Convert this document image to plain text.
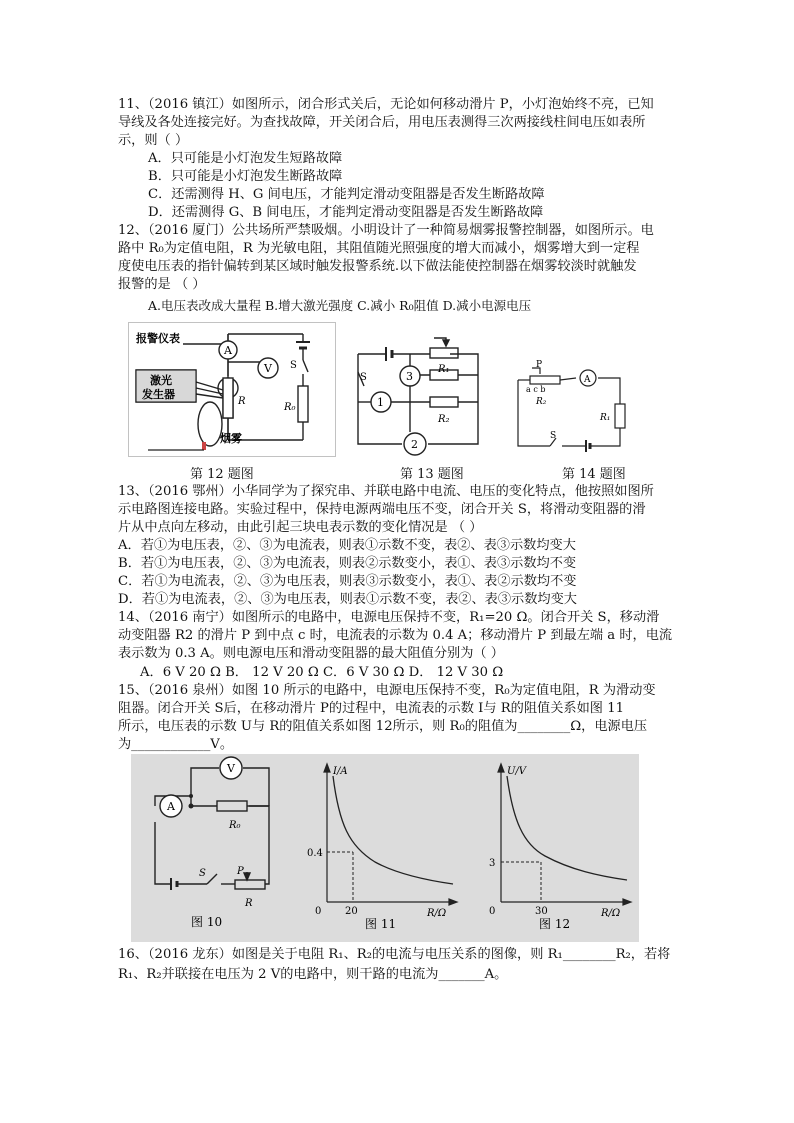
11、（2016 镇江）如图所示，闭合形式关后，无论如何移动滑片 P，小灯泡始终不亮，已知
导线及各处连接完好。为查找故障，开关闭合后，用电压表测得三次两接线柱间电压如表所
示，则（ ）
A．只可能是小灯泡发生短路故障
B．只可能是小灯泡发生断路故障
C．还需测得 H、G 间电压，才能判定滑动变阻器是否发生断路故障
D．还需测得 G、B 间电压，才能判定滑动变阻器是否发生断路故障
12、（2016 厦门）公共场所严禁吸烟。小明设计了一种简易烟雾报警控制器，如图所示。电
路中 R₀为定值电阻，R 为光敏电阻，其阻值随光照强度的增大而减小，烟雾增大到一定程
度使电压表的指针偏转到某区域时触发报警系统.以下做法能使控制器在烟雾较淡时就触发
报警的是 （ ）
A.电压表改成大量程 B.增大激光强度 C.减小 R₀阻值 D.减小电源电压
报警仪表
A
V S
R
R₀
激光
发生器
烟雾
S	3
1
2
R₁
R₂
P
a c b
R₂
A
R₁
S
第 12 题图	第 13 题图	第 14 题图
13、（2016 鄂州）小华同学为了探究串、并联电路中电流、电压的变化特点，他按照如图所
示电路图连接电路。实验过程中，保持电源两端电压不变，闭合开关 S，将滑动变阻器的滑
片从中点向左移动，由此引起三块电表示数的变化情况是 （ ）
A．若①为电压表，②、③为电流表，则表①示数不变，表②、表③示数均变大
B．若①为电压表，②、③为电流表，则表②示数变小，表①、表③示数均不变
C．若①为电流表，②、③为电压表，则表③示数变小，表①、表②示数均不变
D．若①为电流表，②、③为电压表，则表①示数不变，表②、表③示数均变大
14、（2016 南宁）如图所示的电路中，电源电压保持不变，R₁=20 Ω。闭合开关 S，移动滑
动变阻器 R2 的滑片 P 到中点 c 时，电流表的示数为 0.4 A；移动滑片 P 到最左端 a 时，电流
表示数为 0.3 A。则电源电压和滑动变阻器的最大阻值分别为（ ）
A．6 V 20 Ω B． 12 V 20 Ω C．6 V 30 Ω D． 12 V 30 Ω
15、（2016 泉州）如图 10 所示的电路中，电源电压保持不变，R₀为定值电阻，R 为滑动变
阻器。闭合开关 S后，在移动滑片 P的过程中，电流表的示数 I与 R的阻值关系如图 11
所示，电压表的示数 U与 R的阻值关系如图 12所示，则 R₀的阻值为________Ω，电源电压
为____________V。
V
A
R₀
S	P
R
图 10
I/A
R/Ω
0 20
0.4
图 11
U/V
R/Ω
0	30
3
图 12
16、（2016 龙东）如图是关于电阻 R₁、R₂的电流与电压关系的图像，则 R₁________R₂，若将
R₁、R₂并联接在电压为 2 V的电路中，则干路的电流为_______A。
